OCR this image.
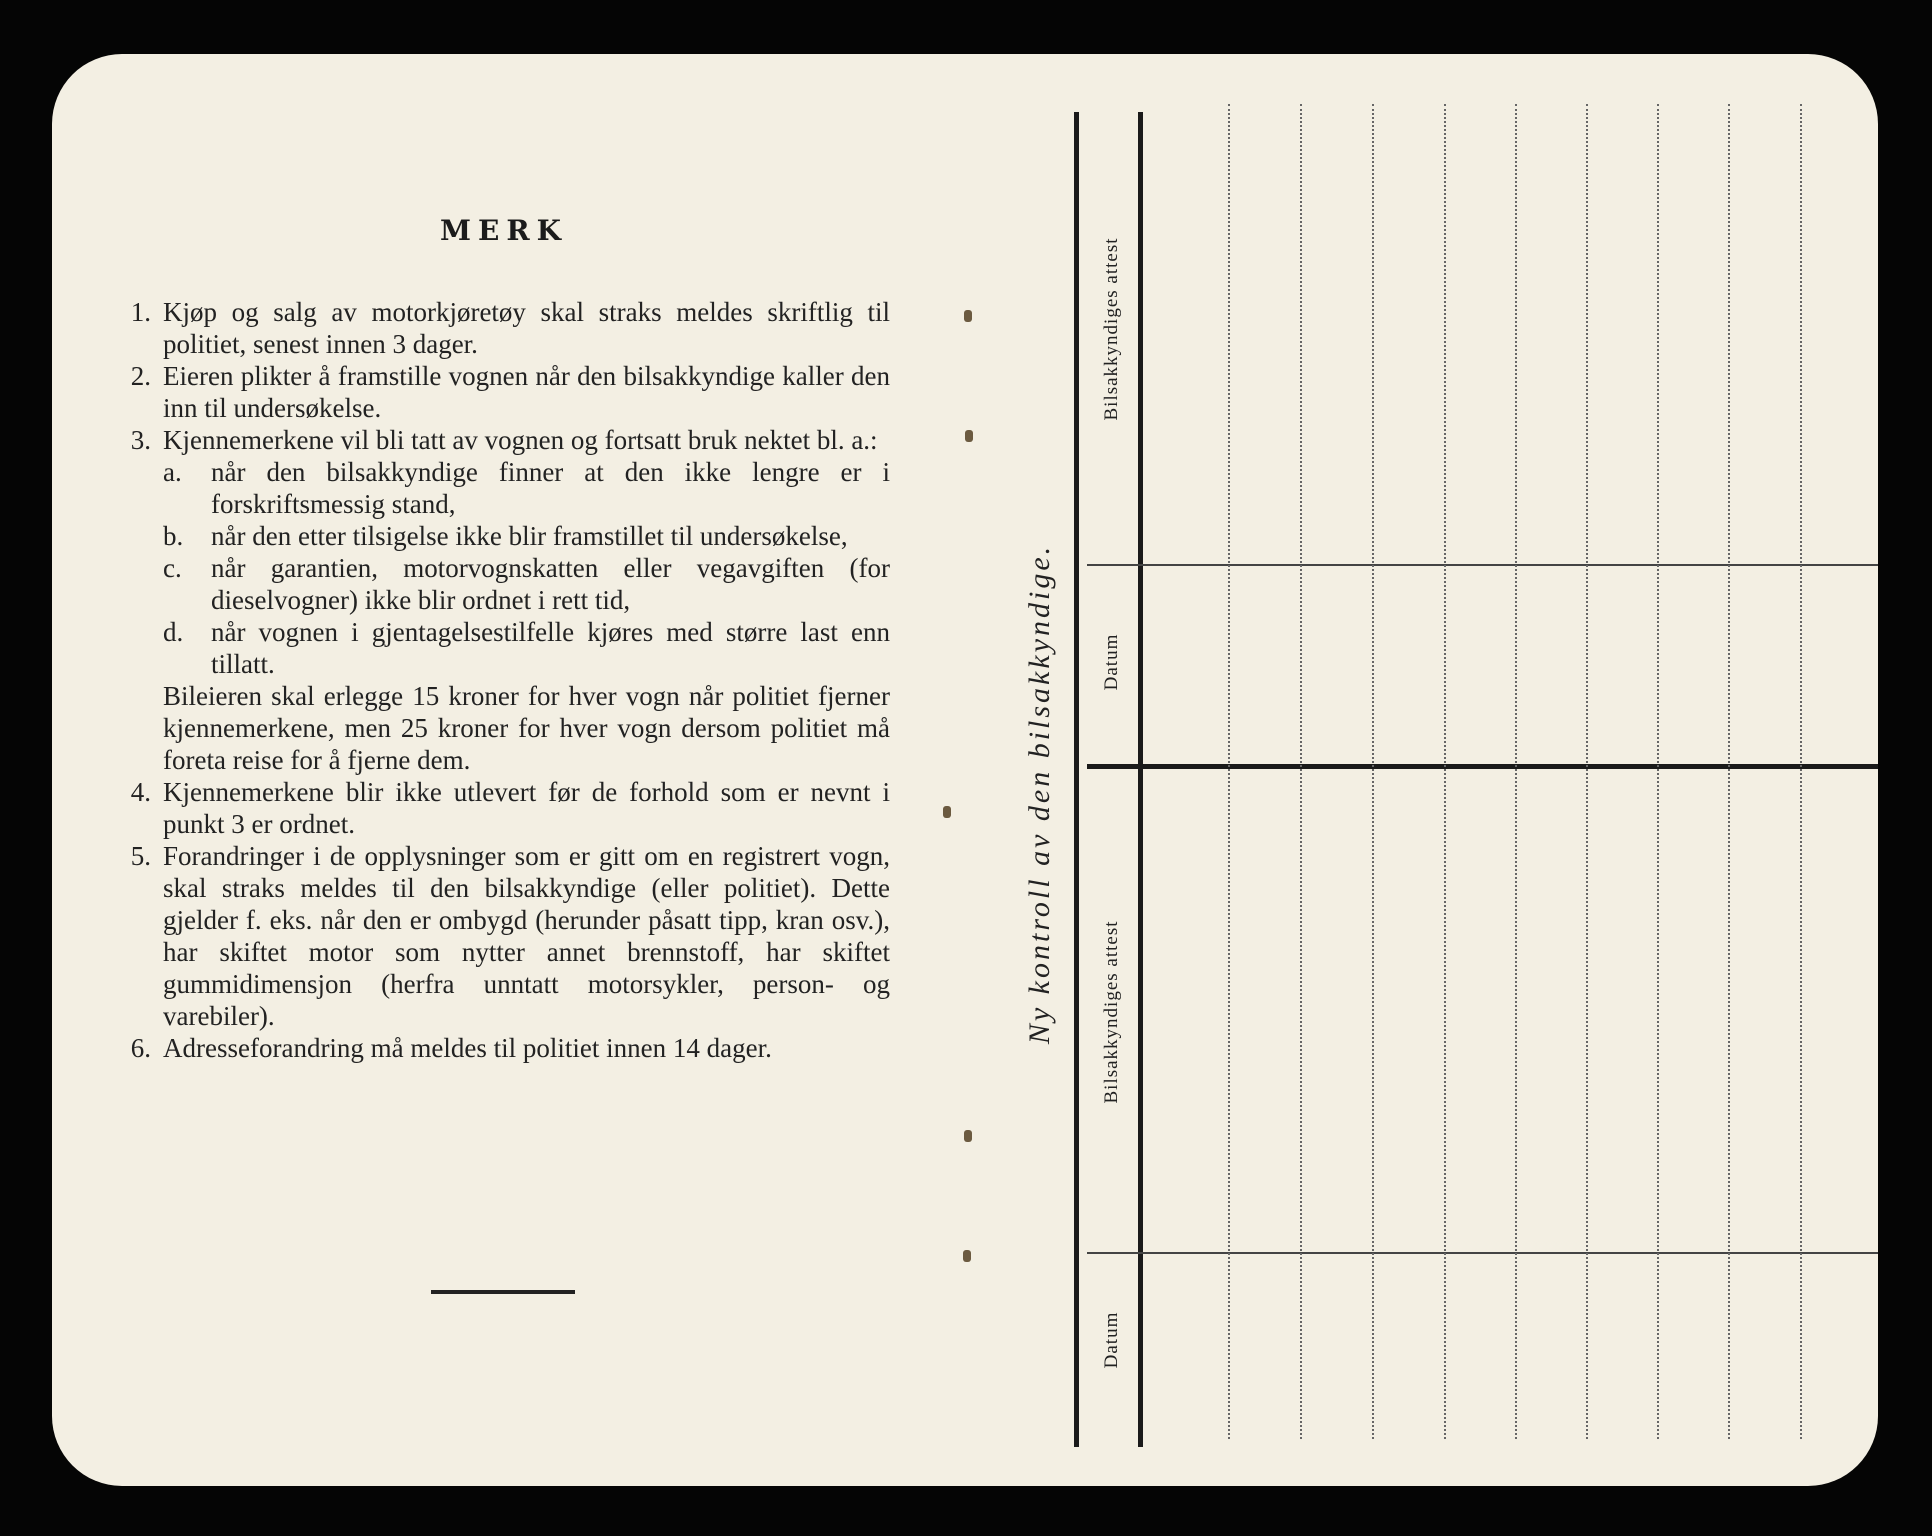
MERK
1. Kjøp og salg av motorkjøretøy skal straks meldes skriftlig til politiet, senest innen 3 dager.
2. Eieren plikter å framstille vognen når den bilsakkyndige kaller den inn til undersøkelse.
3. Kjennemerkene vil bli tatt av vognen og fortsatt bruk nektet bl. a.:
a.	når den bilsakkyndige finner at den ikke lengre er i forskriftsmessig stand,
b.	når den etter tilsigelse ikke blir framstillet til undersøkelse,
c.	når garantien, motorvognskatten eller vegavgiften (for dieselvogner) ikke blir ordnet i rett tid,
d.	når vognen i gjentagelsestilfelle kjøres med større last enn tillatt.
Bileieren skal erlegge 15 kroner for hver vogn når politiet fjerner kjennemerkene, men 25 kroner for hver vogn dersom politiet må foreta reise for å fjerne dem.
4. Kjennemerkene blir ikke utlevert før de forhold som er nevnt i punkt 3 er ordnet.
5. Forandringer i de opplysninger som er gitt om en registrert vogn, skal straks meldes til den bilsakkyndige (eller politiet). Dette gjelder f. eks. når den er ombygd (herunder påsatt tipp, kran osv.), har skiftet motor som nytter annet brennstoff, har skiftet gummidimensjon (herfra unntatt motorsykler, person- og varebiler).
6. Adresseforandring må meldes til politiet innen 14 dager.
Ny kontroll av den bilsakkyndige.
Bilsakkyndiges attest
Datum
Bilsakkyndiges attest
Datum
